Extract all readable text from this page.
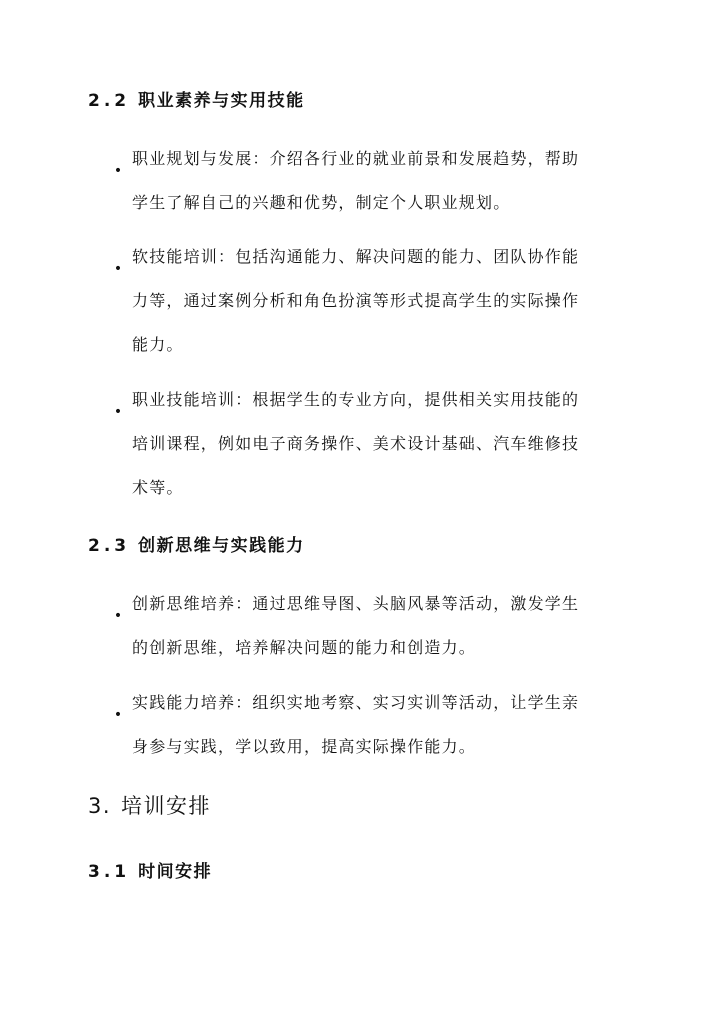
2.2 职业素养与实用技能
•
职业规划与发展：介绍各行业的就业前景和发展趋势，帮助
学生了解自己的兴趣和优势，制定个人职业规划。
•
软技能培训：包括沟通能力、解决问题的能力、团队协作能
力等，通过案例分析和角色扮演等形式提高学生的实际操作
能力。
•
职业技能培训：根据学生的专业方向，提供相关实用技能的
培训课程，例如电子商务操作、美术设计基础、汽车维修技
术等。
2.3 创新思维与实践能力
•
创新思维培养：通过思维导图、头脑风暴等活动，激发学生
的创新思维，培养解决问题的能力和创造力。
•
实践能力培养：组织实地考察、实习实训等活动，让学生亲
身参与实践，学以致用，提高实际操作能力。
3. 培训安排
3.1 时间安排
